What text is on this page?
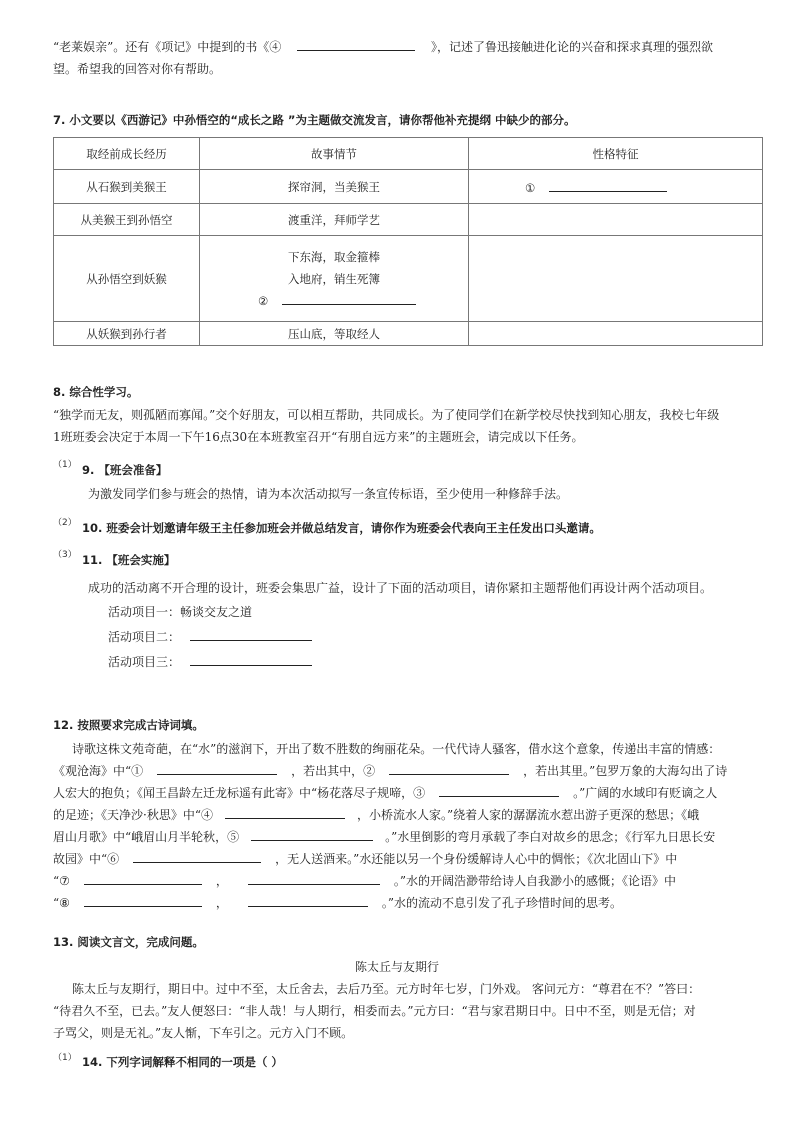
“老莱娱亲”。还有《项记》中提到的书《④	》，记述了鲁迅接触进化论的兴奋和探求真理的强烈欲
望。希望我的回答对你有帮助。
7. 小文要以《西游记》中孙悟空的“成长之路 ”为主题做交流发言，请你帮他补充提纲 中缺少的部分。
取经前成长经历	故事情节	性格特征
从石猴到美猴王	探帘洞，当美猴王	①
从美猴王到孙悟空	渡重洋，拜师学艺	
从孙悟空到妖猴	下东海，取金箍棒
入地府，销生死簿
②	

从妖猴到孙行者	压山底，等取经人	
8. 综合性学习。
“独学而无友，则孤陋而寡闻。”交个好朋友，可以相互帮助，共同成长。为了使同学们在新学校尽快找到知心朋友，我校七年级
1班班委会决定于本周一下午16点30在本班教室召开“有朋自远方来”的主题班会，请完成以下任务。
（1） 9. 【班会准备】
为激发同学们参与班会的热情，请为本次活动拟写一条宣传标语，至少使用一种修辞手法。
（2） 10. 班委会计划邀请年级王主任参加班会并做总结发言，请你作为班委会代表向王主任发出口头邀请。
（3） 11. 【班会实施】
成功的活动离不开合理的设计，班委会集思广益，设计了下面的活动项目，请你紧扣主题帮他们再设计两个活动项目。
活动项目一：畅谈交友之道
活动项目二：
活动项目三：
12. 按照要求完成古诗词填。
诗歌这株文苑奇葩，在“水”的滋润下，开出了数不胜数的绚丽花朵。一代代诗人骚客，借水这个意象，传递出丰富的情感：
《观沧海》中“①	，若出其中，②	，若出其里。”包罗万象的大海勾出了诗
人宏大的抱负；《闻王昌龄左迁龙标遥有此寄》中“杨花落尽子规啼，③	。”广阔的水域印有贬谪之人
的足迹；《天净沙·秋思》中“④	，小桥流水人家。”绕着人家的潺潺流水惹出游子更深的愁思；《峨
眉山月歌》中“峨眉山月半轮秋，⑤	。”水里倒影的弯月承载了李白对故乡的思念；《行军九日思长安
故园》中“⑥	，无人送酒来。”水还能以另一个身份缓解诗人心中的惆怅；《次北固山下》中
“⑦	，	。”水的开阔浩渺带给诗人自我渺小的感慨；《论语》中
“⑧	，	。”水的流动不息引发了孔子珍惜时间的思考。
13. 阅读文言文，完成问题。
陈太丘与友期行
陈太丘与友期行，期日中。过中不至，太丘舍去，去后乃至。元方时年七岁，门外戏。 客问元方：“尊君在不？”答曰：
“待君久不至，已去。”友人便怒曰：“非人哉！与人期行，相委而去。”元方曰：“君与家君期日中。日中不至，则是无信；对
子骂父，则是无礼。”友人惭，下车引之。元方入门不顾。
（1） 14. 下列字词解释不相同的一项是（ ）
